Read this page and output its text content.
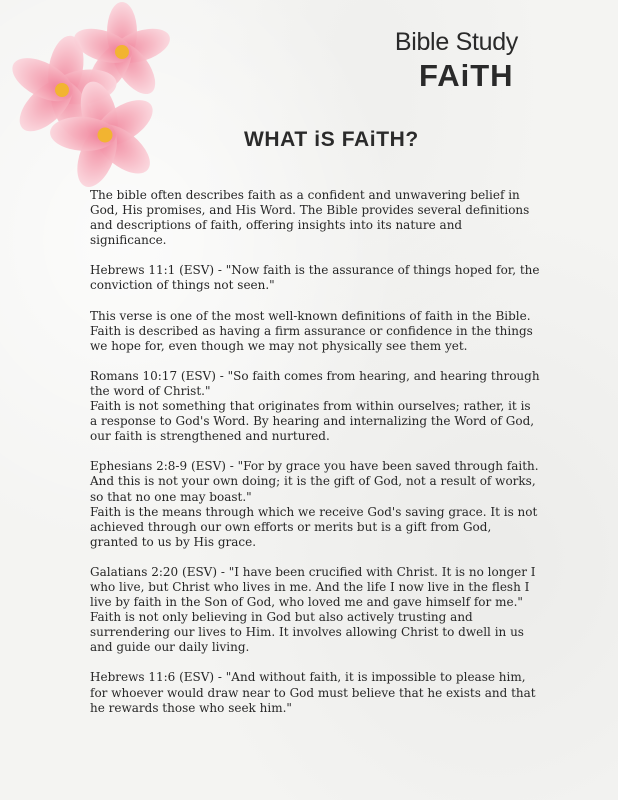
Bible Study
FAiTH
WHAT iS FAiTH?

The bible often describes faith as a confident and unwavering belief in God, His promises, and His Word. The Bible provides several definitions and descriptions of faith, offering insights into its nature and significance.

Hebrews 11:1 (ESV) - "Now faith is the assurance of things hoped for, the conviction of things not seen."

This verse is one of the most well-known definitions of faith in the Bible. Faith is described as having a firm assurance or confidence in the things we hope for, even though we may not physically see them yet.

Romans 10:17 (ESV) - "So faith comes from hearing, and hearing through the word of Christ."
Faith is not something that originates from within ourselves; rather, it is a response to God's Word. By hearing and internalizing the Word of God, our faith is strengthened and nurtured.

Ephesians 2:8-9 (ESV) - "For by grace you have been saved through faith. And this is not your own doing; it is the gift of God, not a result of works, so that no one may boast."
Faith is the means through which we receive God's saving grace. It is not achieved through our own efforts or merits but is a gift from God, granted to us by His grace.

Galatians 2:20 (ESV) - "I have been crucified with Christ. It is no longer I who live, but Christ who lives in me. And the life I now live in the flesh I live by faith in the Son of God, who loved me and gave himself for me."
Faith is not only believing in God but also actively trusting and surrendering our lives to Him. It involves allowing Christ to dwell in us and guide our daily living.

Hebrews 11:6 (ESV) - "And without faith, it is impossible to please him, for whoever would draw near to God must believe that he exists and that he rewards those who seek him."
